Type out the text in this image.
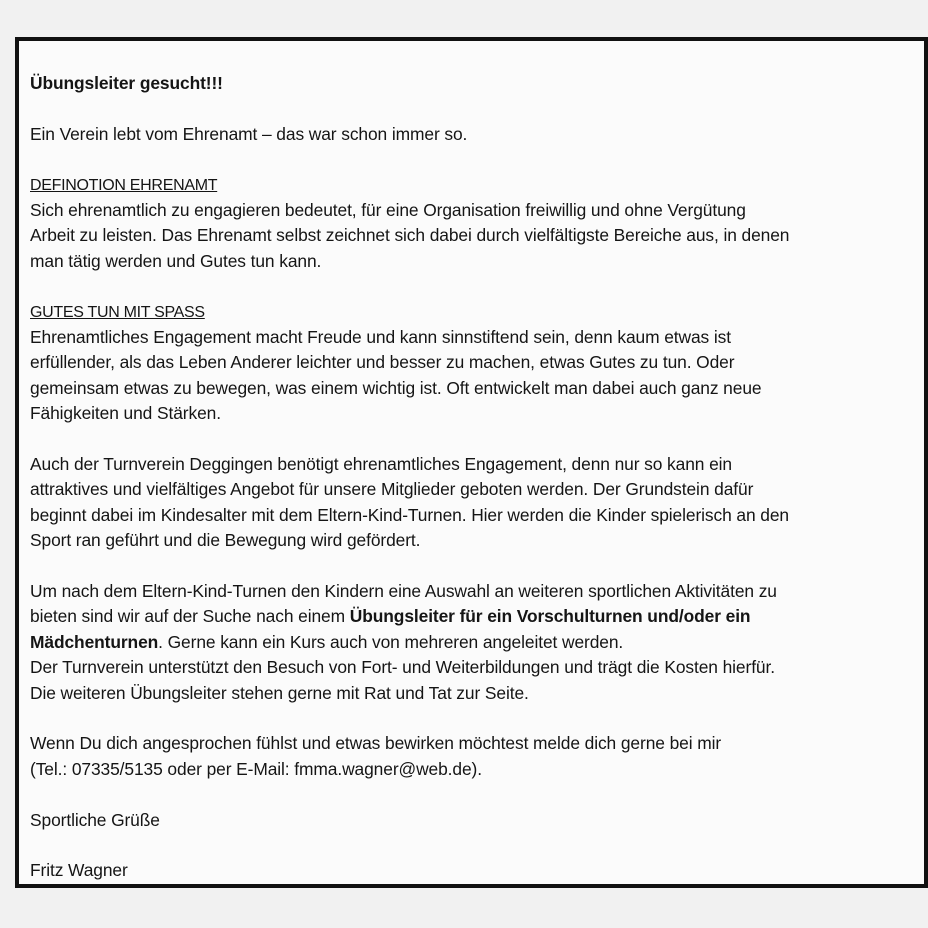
Übungsleiter gesucht!!!
Ein Verein lebt vom Ehrenamt – das war schon immer so.
DEFINOTION EHRENAMT
Sich ehrenamtlich zu engagieren bedeutet, für eine Organisation freiwillig und ohne Vergütung
Arbeit zu leisten. Das Ehrenamt selbst zeichnet sich dabei durch vielfältigste Bereiche aus, in denen
man tätig werden und Gutes tun kann.
GUTES TUN MIT SPASS
Ehrenamtliches Engagement macht Freude und kann sinnstiftend sein, denn kaum etwas ist
erfüllender, als das Leben Anderer leichter und besser zu machen, etwas Gutes zu tun. Oder
gemeinsam etwas zu bewegen, was einem wichtig ist. Oft entwickelt man dabei auch ganz neue
Fähigkeiten und Stärken.
Auch der Turnverein Deggingen benötigt ehrenamtliches Engagement, denn nur so kann ein
attraktives und vielfältiges Angebot für unsere Mitglieder geboten werden. Der Grundstein dafür
beginnt dabei im Kindesalter mit dem Eltern-Kind-Turnen. Hier werden die Kinder spielerisch an den
Sport ran geführt und die Bewegung wird gefördert.
Um nach dem Eltern-Kind-Turnen den Kindern eine Auswahl an weiteren sportlichen Aktivitäten zu
bieten sind wir auf der Suche nach einem Übungsleiter für ein Vorschulturnen und/oder ein
Mädchenturnen. Gerne kann ein Kurs auch von mehreren angeleitet werden.
Der Turnverein unterstützt den Besuch von Fort- und Weiterbildungen und trägt die Kosten hierfür.
Die weiteren Übungsleiter stehen gerne mit Rat und Tat zur Seite.
Wenn Du dich angesprochen fühlst und etwas bewirken möchtest melde dich gerne bei mir
(Tel.: 07335/5135 oder per E-Mail: fmma.wagner@web.de).
Sportliche Grüße
Fritz Wagner
